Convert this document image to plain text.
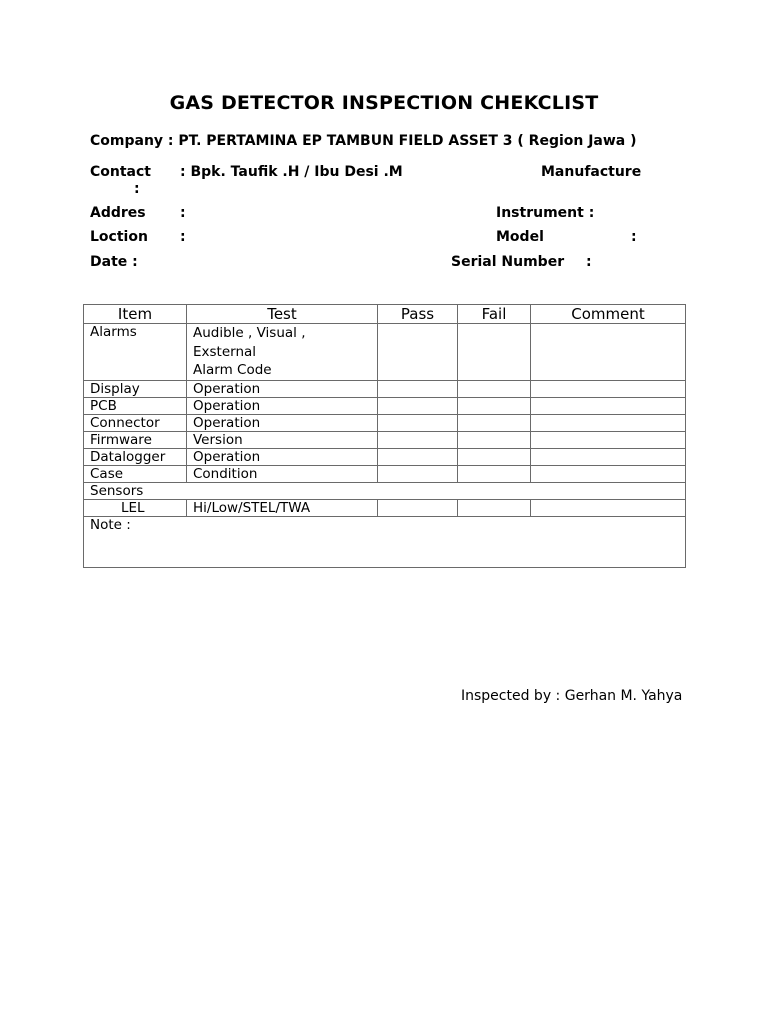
GAS DETECTOR INSPECTION CHEKCLIST
Company : PT. PERTAMINA EP TAMBUN FIELD ASSET 3 ( Region Jawa )
Contact : Bpk. Taufik .H / Ibu Desi .M
:
Manufacture
Addres :	Instrument :
Loction :	Model	:
Date :	Serial Number :
Item	Test	Pass	Fail	Comment
Alarms	Audible , Visual ,
Exsternal
Alarm Code			

Display	Operation			
PCB	Operation			
Connector	Operation			
Firmware	Version			
Datalogger	Operation			
Case	Condition			
Sensors				
LEL	Hi/Low/STEL/TWA			
Note :				
Inspected by : Gerhan M. Yahya
